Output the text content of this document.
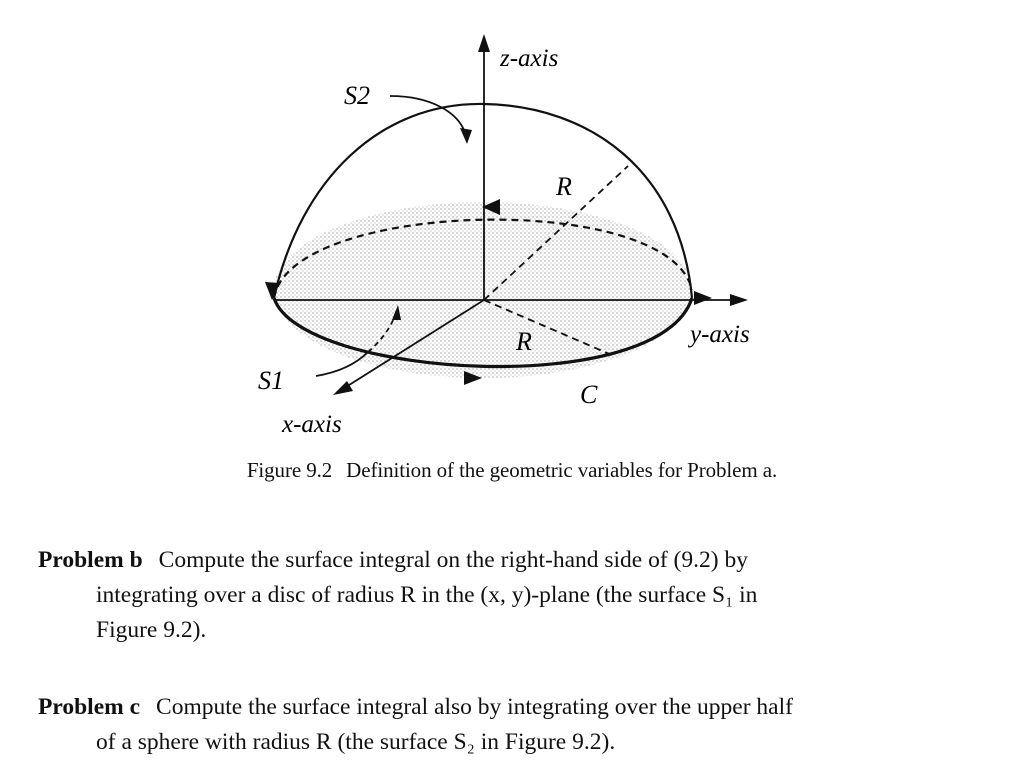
z-axis
y-axis
x-axis
S2
S1
R
R
C
Figure 9.2 Definition of the geometric variables for Problem a.

Problem b Compute the surface integral on the right-hand side of (9.2) by

integrating over a disc of radius R in the (x, y)-plane (the surface S₁ in

Figure 9.2).

Problem c Compute the surface integral also by integrating over the upper half

of a sphere with radius R (the surface S₂ in Figure 9.2).
